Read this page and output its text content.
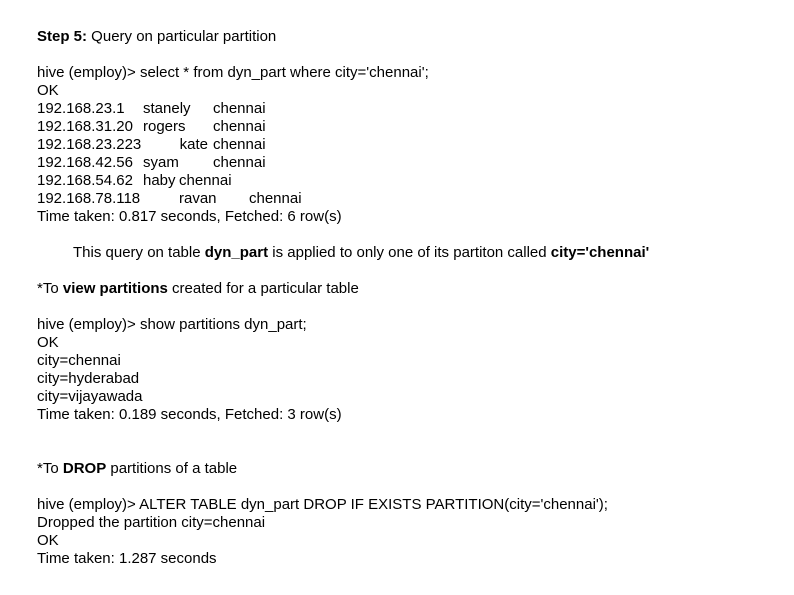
Step 5: Query on particular partition
hive (employ)> select * from dyn_part where city='chennai';
OK
192.168.23.1 stanely chennai
192.168.31.20 rogers chennai
192.168.23.223	kate chennai
192.168.42.56 syam chennai
192.168.54.62 haby chennai
192.168.78.118	ravan chennai
Time taken: 0.817 seconds, Fetched: 6 row(s)
This query on table dyn_part is applied to only one of its partiton called city='chennai'
*To view partitions created for a particular table
hive (employ)> show partitions dyn_part;
OK
city=chennai
city=hyderabad
city=vijayawada
Time taken: 0.189 seconds, Fetched: 3 row(s)
*To DROP partitions of a table
hive (employ)> ALTER TABLE dyn_part DROP IF EXISTS PARTITION(city='chennai');
Dropped the partition city=chennai
OK
Time taken: 1.287 seconds
